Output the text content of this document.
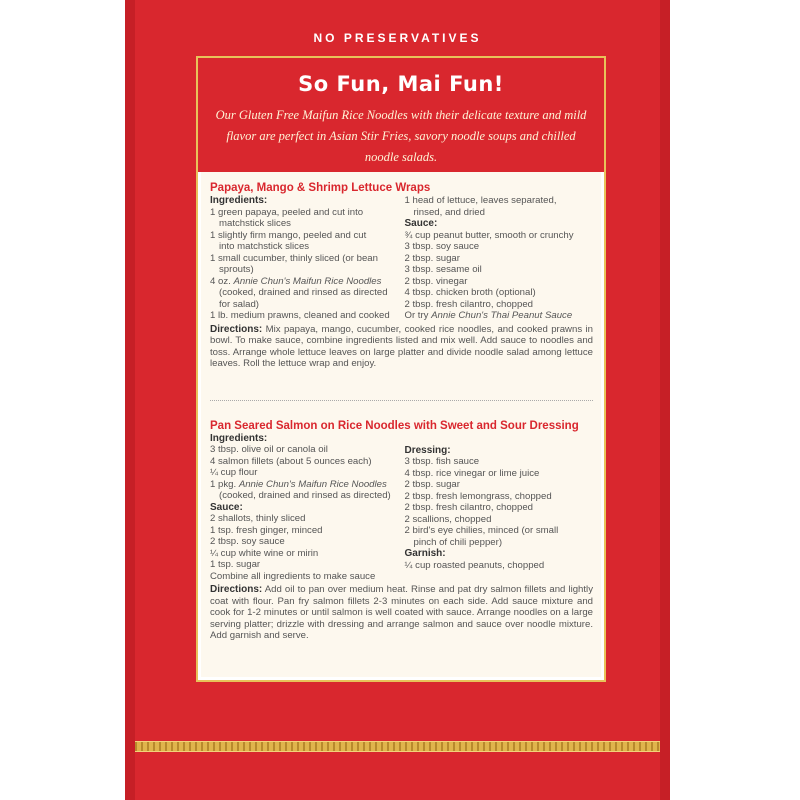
NO PRESERVATIVES
So Fun, Mai Fun!
Our Gluten Free Maifun Rice Noodles with their delicate texture and mild flavor are perfect in Asian Stir Fries, savory noodle soups and chilled noodle salads.
Papaya, Mango & Shrimp Lettuce Wraps
Ingredients:
1 green papaya, peeled and cut into
matchstick slices
1 slightly firm mango, peeled and cut
into matchstick slices
1 small cucumber, thinly sliced (or bean
sprouts)
4 oz. Annie Chun's Maifun Rice Noodles
(cooked, drained and rinsed as directed
for salad)
1 lb. medium prawns, cleaned and cooked
1 head of lettuce, leaves separated,
rinsed, and dried
Sauce:
¾ cup peanut butter, smooth or crunchy
3 tbsp. soy sauce
2 tbsp. sugar
3 tbsp. sesame oil
2 tbsp. vinegar
4 tbsp. chicken broth (optional)
2 tbsp. fresh cilantro, chopped
Or try Annie Chun's Thai Peanut Sauce
Directions: Mix papaya, mango, cucumber, cooked rice noodles, and cooked prawns in bowl. To make sauce, combine ingredients listed and mix well. Add sauce to noodles and toss. Arrange whole lettuce leaves on large platter and divide noodle salad among lettuce leaves. Roll the lettuce wrap and enjoy.
Pan Seared Salmon on Rice Noodles with Sweet and Sour Dressing
Ingredients:
3 tbsp. olive oil or canola oil
4 salmon fillets (about 5 ounces each)
¼ cup flour
1 pkg. Annie Chun's Maifun Rice Noodles
(cooked, drained and rinsed as directed)
Sauce:
2 shallots, thinly sliced
1 tsp. fresh ginger, minced
2 tbsp. soy sauce
¼ cup white wine or mirin
1 tsp. sugar
Combine all ingredients to make sauce
Dressing:
3 tbsp. fish sauce
4 tbsp. rice vinegar or lime juice
2 tbsp. sugar
2 tbsp. fresh lemongrass, chopped
2 tbsp. fresh cilantro, chopped
2 scallions, chopped
2 bird's eye chilies, minced (or small
pinch of chili pepper)
Garnish:
¼ cup roasted peanuts, chopped
Directions: Add oil to pan over medium heat. Rinse and pat dry salmon fillets and lightly coat with flour. Pan fry salmon fillets 2-3 minutes on each side. Add sauce mixture and cook for 1-2 minutes or until salmon is well coated with sauce. Arrange noodles on a large serving platter; drizzle with dressing and arrange salmon and sauce over noodle mixture. Add garnish and serve.
